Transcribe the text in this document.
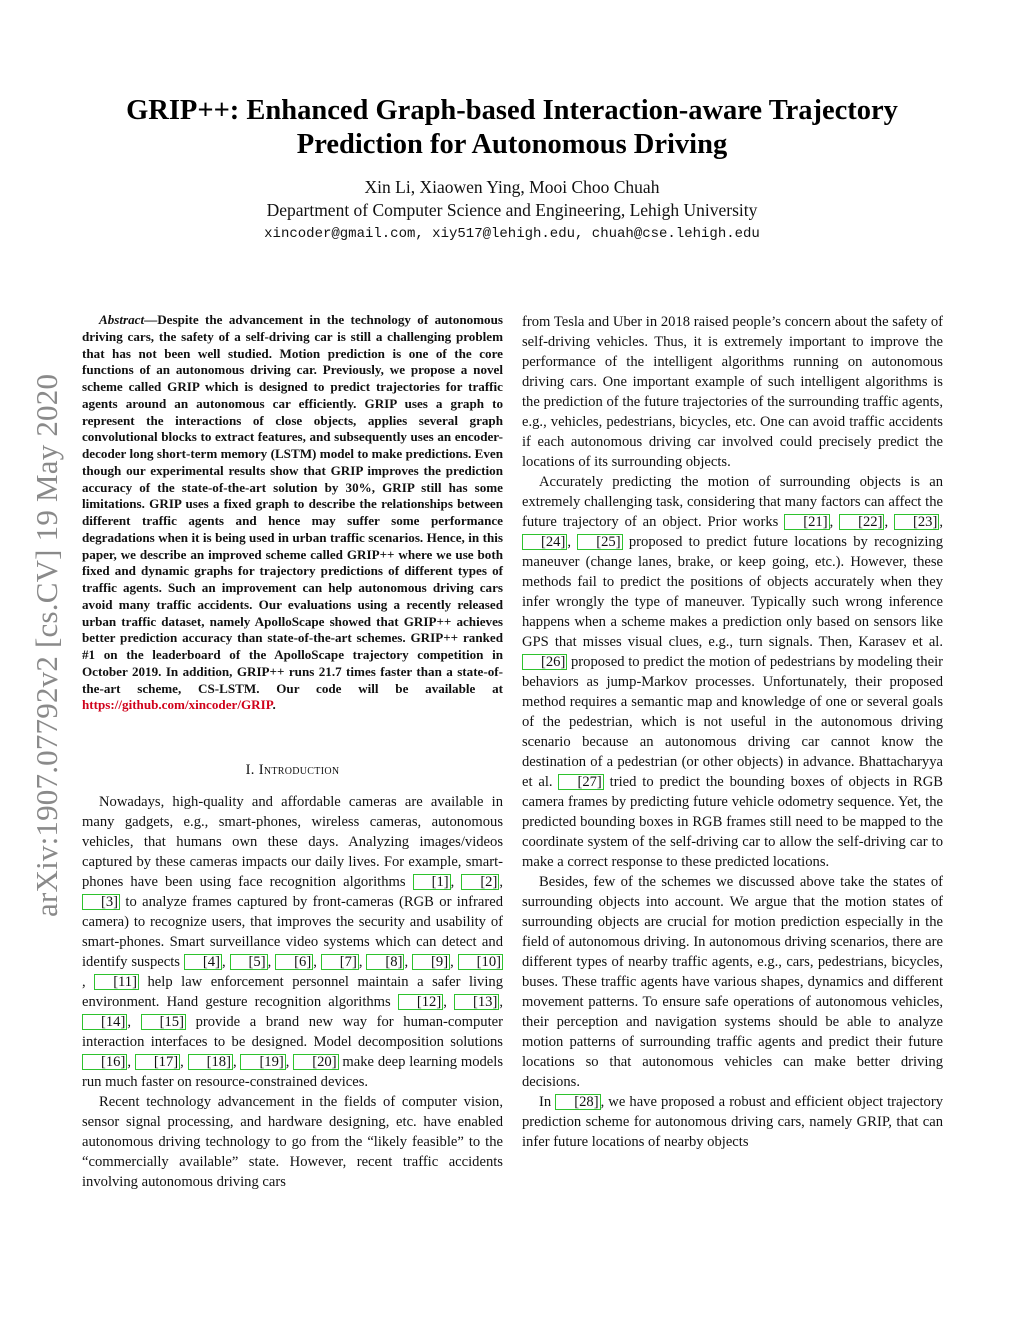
arXiv:1907.07792v2 [cs.CV] 19 May 2020
GRIP++: Enhanced Graph-based Interaction-aware Trajectory
Prediction for Autonomous Driving
Xin Li, Xiaowen Ying, Mooi Choo Chuah
Department of Computer Science and Engineering, Lehigh University
xincoder@gmail.com, xiy517@lehigh.edu, chuah@cse.lehigh.edu

Abstract—Despite the advancement in the technology of autonomous driving cars, the safety of a self-driving car is still a challenging problem that has not been well studied. Motion prediction is one of the core functions of an autonomous driving car. Previously, we propose a novel scheme called GRIP which is designed to predict trajectories for traffic agents around an autonomous car efficiently. GRIP uses a graph to represent the interactions of close objects, applies several graph convolutional blocks to extract features, and subsequently uses an encoder-decoder long short-term memory (LSTM) model to make predictions. Even though our experimental results show that GRIP improves the prediction accuracy of the state-of-the-art solution by 30%, GRIP still has some limitations. GRIP uses a fixed graph to describe the relationships between different traffic agents and hence may suffer some performance degradations when it is being used in urban traffic scenarios. Hence, in this paper, we describe an improved scheme called GRIP++ where we use both fixed and dynamic graphs for trajectory predictions of different types of traffic agents. Such an improvement can help autonomous driving cars avoid many traffic accidents. Our evaluations using a recently released urban traffic dataset, namely ApolloScape showed that GRIP++ achieves better prediction accuracy than state-of-the-art schemes. GRIP++ ranked #1 on the leaderboard of the ApolloScape trajectory competition in October 2019. In addition, GRIP++ runs 21.7 times faster than a state-of-the-art scheme, CS-LSTM. Our code will be available at https://github.com/xincoder/GRIP.

I. Introduction

Nowadays, high-quality and affordable cameras are available in many gadgets, e.g., smart-phones, wireless cameras, autonomous vehicles, that humans own these days. Analyzing images/videos captured by these cameras impacts our daily lives. For example, smart-phones have been using face recognition algorithms [1] , [2] , [3] to analyze frames captured by front-cameras (RGB or infrared camera) to recognize users, that improves the security and usability of smart-phones. Smart surveillance video systems which can detect and identify suspects [4] , [5] , [6] , [7] , [8] , [9] , [10], [11] help law enforcement personnel maintain a safer living environment. Hand gesture recognition algorithms [12] , [13] , [14] , [15] provide a brand new way for human-computer interaction interfaces to be designed. Model decomposition solutions [16] , [17] , [18] , [19] , [20] make deep learning models run much faster on resource-constrained devices.

Recent technology advancement in the fields of computer vision, sensor signal processing, and hardware designing, etc. have enabled autonomous driving technology to go from the “likely feasible” to the “commercially available” state. However, recent traffic accidents involving autonomous driving cars

from Tesla and Uber in 2018 raised people’s concern about the safety of self-driving vehicles. Thus, it is extremely important to improve the performance of the intelligent algorithms running on autonomous driving cars. One important example of such intelligent algorithms is the prediction of the future trajectories of the surrounding traffic agents, e.g., vehicles, pedestrians, bicycles, etc. One can avoid traffic accidents if each autonomous driving car involved could precisely predict the locations of its surrounding objects.

Accurately predicting the motion of surrounding objects is an extremely challenging task, considering that many factors can affect the future trajectory of an object. Prior works [21] , [22] , [23] , [24] , [25] proposed to predict future locations by recognizing maneuver (change lanes, brake, or keep going, etc.). However, these methods fail to predict the positions of objects accurately when they infer wrongly the type of maneuver. Typically such wrong inference happens when a scheme makes a prediction only based on sensors like GPS that misses visual clues, e.g., turn signals. Then, Karasev et al. [26] proposed to predict the motion of pedestrians by modeling their behaviors as jump-Markov processes. Unfortunately, their proposed method requires a semantic map and knowledge of one or several goals of the pedestrian, which is not useful in the autonomous driving scenario because an autonomous driving car cannot know the destination of a pedestrian (or other objects) in advance. Bhattacharyya et al. [27] tried to predict the bounding boxes of objects in RGB camera frames by predicting future vehicle odometry sequence. Yet, the predicted bounding boxes in RGB frames still need to be mapped to the coordinate system of the self-driving car to allow the self-driving car to make a correct response to these predicted locations.

Besides, few of the schemes we discussed above take the states of surrounding objects into account. We argue that the motion states of surrounding objects are crucial for motion prediction especially in the field of autonomous driving. In autonomous driving scenarios, there are different types of nearby traffic agents, e.g., cars, pedestrians, bicycles, buses. These traffic agents have various shapes, dynamics and different movement patterns. To ensure safe operations of autonomous vehicles, their perception and navigation systems should be able to analyze motion patterns of surrounding traffic agents and predict their future locations so that autonomous vehicles can make better driving decisions.

In [28] , we have proposed a robust and efficient object trajectory prediction scheme for autonomous driving cars, namely GRIP, that can infer future locations of nearby objects
